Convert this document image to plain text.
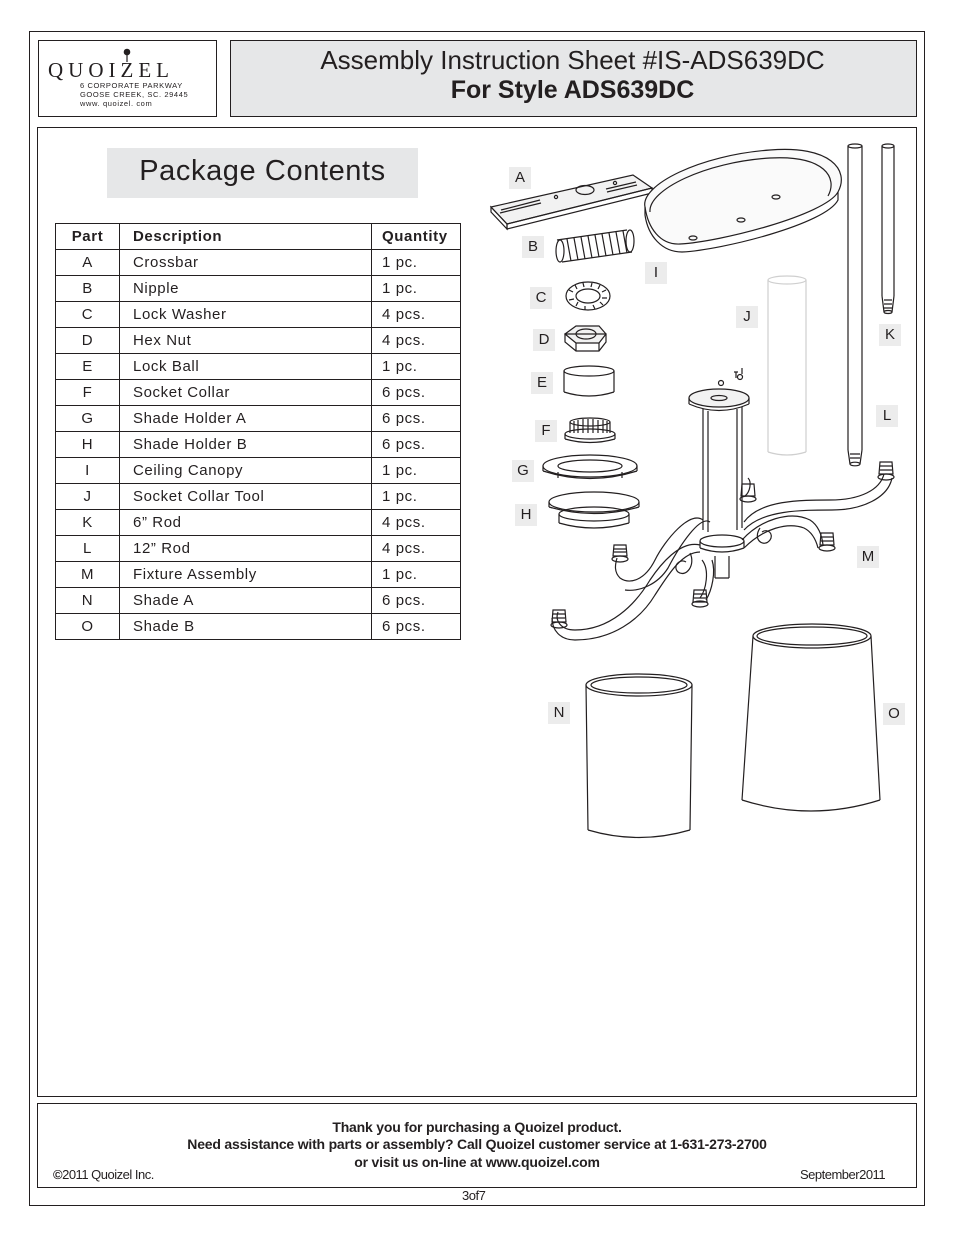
QUOIZEL
6 CORPORATE PARKWAY
GOOSE CREEK, SC. 29445
www. quoizel. com
Assembly Instruction Sheet #IS-ADS639DC
For Style ADS639DC
Package Contents
Part	Description	Quantity
A	Crossbar	1 pc.
B	Nipple	1 pc.
C	Lock Washer	4 pcs.
D	Hex Nut	4 pcs.
E	Lock Ball	1 pc.
F	Socket Collar	6 pcs.
G	Shade Holder A	6 pcs.
H	Shade Holder B	6 pcs.
I	Ceiling Canopy	1 pc.
J	Socket Collar Tool	1 pc.
K	6” Rod	4 pcs.
L	12” Rod	4 pcs.
M	Fixture Assembly	1 pc.
N	Shade A	6 pcs.
O	Shade B	6 pcs.
A
B
C
D
E
F
G
H
I
J
K
L
M
N	O
Thank you for purchasing a Quoizel product.
Need assistance with parts or assembly? Call Quoizel customer service at 1-631-273-2700
or visit us on-line at www.quoizel.com
©2011 Quoizel Inc.	September2011
3of7
